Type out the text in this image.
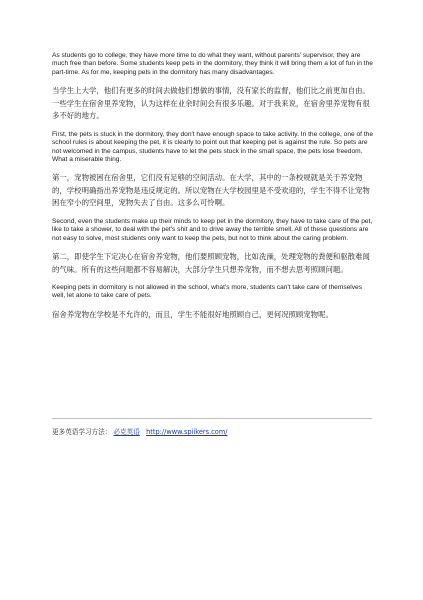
As students go to college, they have more time to do what they want, without parents' supervisor, they are much free than before. Some students keep pets in the dormitory, they think it will bring them a lot of fun in the part-time. As for me, keeping pets in the dormitory has many disadvantages.

当学生上大学，他们有更多的时间去做他们想做的事情，没有家长的监督，他们比之前更加自由。一些学生在宿舍里养宠物，认为这样在业余时间会有很多乐趣。对于我来说，在宿舍里养宠物有很多不好的地方。

First, the pets is stuck in the dormitory, they don't have enough space to take activity. In the college, one of the school rules is about keeping the pet, it is clearly to point out that keeping pet is against the rule. So pets are not welcomed in the campus, students have to let the pets stuck in the small space, the pets lose freedom. What a miserable thing.

第一，宠物被困在宿舍里，它们没有足够的空间活动。在大学，其中的一条校规就是关于养宠物的，学校明确指出养宠物是违反规定的。所以宠物在大学校园里是不受欢迎的，学生不得不让宠物困在窄小的空间里，宠物失去了自由。这多么可怜啊。

Second, even the students make up their minds to keep pet in the dormitory, they have to take care of the pet, like to take a shower, to deal with the pet's shit and to drive away the terrible smell. All of these questions are not easy to solve, most students only want to keep the pets, but not to think about the caring problem.

第二，即使学生下定决心在宿舍养宠物，他们要照顾宠物，比如洗澡，处理宠物的粪便和驱散难闻的气味。所有的这些问题都不容易解决，大部分学生只想养宠物，而不想去思考照顾问题。

Keeping pets in dormitory is not allowed in the school, what's more, students can't take care of themselves well, let alone to take care of pets.

宿舍养宠物在学校是不允许的，而且，学生不能很好地照顾自己，更何况照顾宠物呢。

更多英语学习方法： 必克英语 http://www.spiikers.com/
